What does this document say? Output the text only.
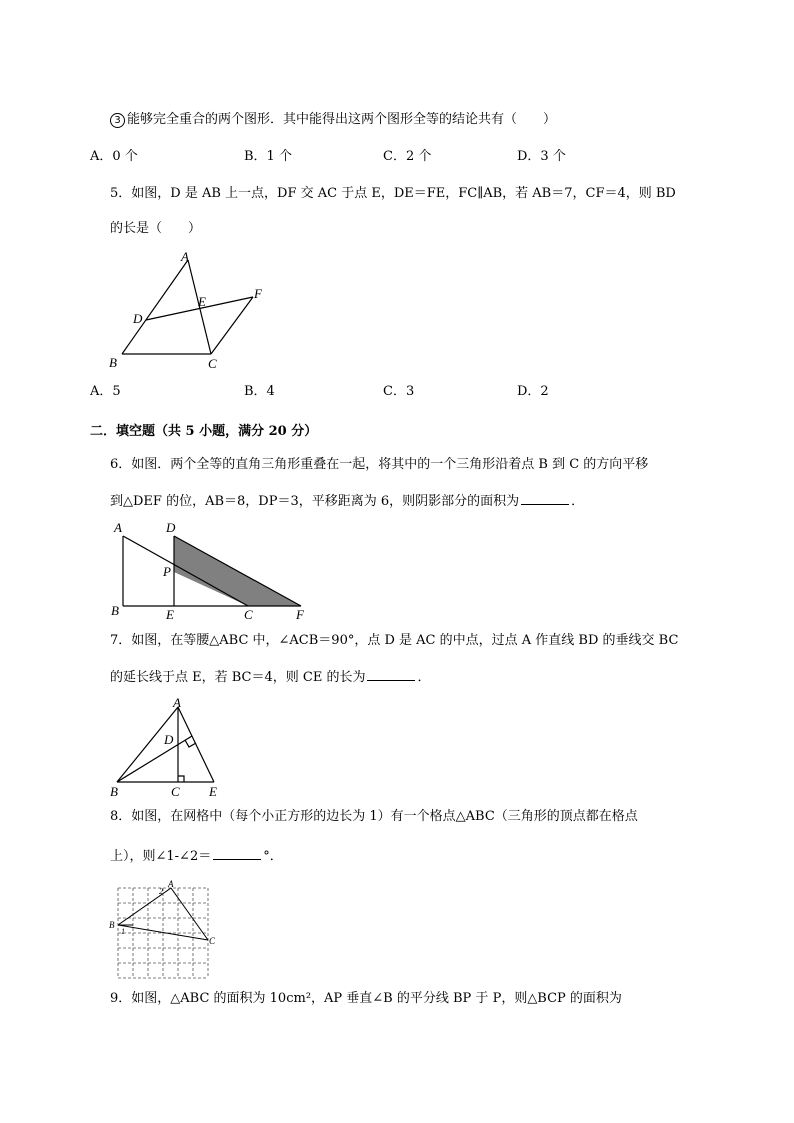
3 能够完全重合的两个图形．其中能得出这两个图形全等的结论共有（　　）
A．0 个	B．1 个	C．2 个	D．3 个
5．如图，D 是 AB 上一点，DF 交 AC 于点 E，DE＝FE，FC∥AB，若 AB＝7，CF＝4，则 BD
的长是（　　）
A
B	C
D
E
F
A．5	B．4	C．3	D．2
二．填空题（共 5 小题，满分 20 分）
6．如图．两个全等的直角三角形重叠在一起，将其中的一个三角形沿着点 B 到 C 的方向平移
到△DEF 的位，AB＝8，DP＝3，平移距离为 6，则阴影部分的面积为	．
A
B
D
P
E	C	F
7．如图，在等腰△ABC 中，∠ACB＝90°，点 D 是 AC 的中点，过点 A 作直线 BD 的垂线交 BC
的延长线于点 E，若 BC＝4，则 CE 的长为	．
A
D
B	C E
8．如图，在网格中（每个小正方形的边长为 1）有一个格点△ABC（三角形的顶点都在格点
上），则∠1-∠2＝	°．
A
B
C
1
2
9．如图，△ABC 的面积为 10cm²，AP 垂直∠B 的平分线 BP 于 P，则△BCP 的面积为
